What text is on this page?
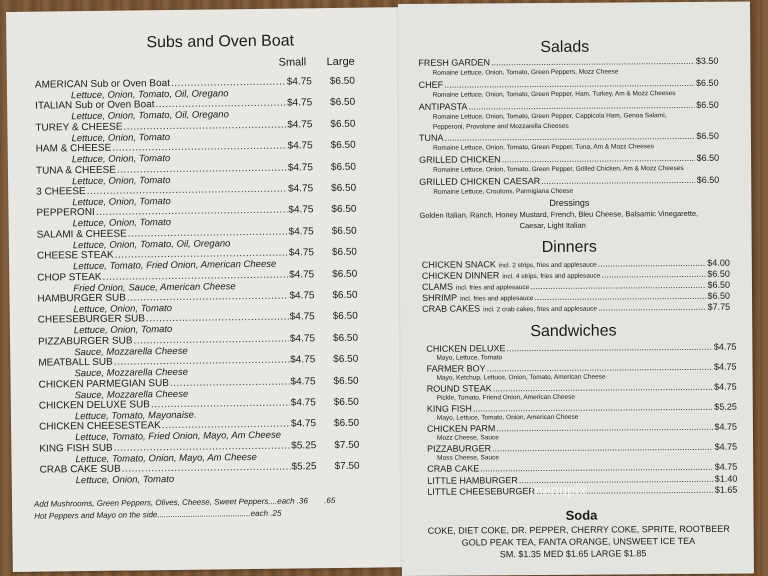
Subs and Oven Boat
Small Large
AMERICAN Sub or Oven Boat .....	$4.75 $6.50
Lettuce, Onion, Tomato, Oil, Oregano
ITALIAN Sub or Oven Boat .....	$4.75 $6.50
Lettuce, Onion, Tomato, Oil, Oregano
TUREY & CHEESE .....	$4.75 $6.50
Lettuce, Onion, Tomato
HAM & CHEESE .....	$4.75 $6.50
Lettuce, Onion, Tomato
TUNA & CHEESE .....	$4.75 $6.50
Lettuce, Onion, Tomato
3 CHEESE .....	$4.75 $6.50
Lettuce, Onion, Tomato
PEPPERONI .....	$4.75 $6.50
Lettuce, Onion, Tomato
SALAMI & CHEESE .....	$4.75 $6.50
Lettuce, Onion, Tomato, Oil, Oregano
CHEESE STEAK .....	$4.75 $6.50
Lettuce, Tomato, Fried Onion, American Cheese
CHOP STEAK .....	$4.75 $6.50
Fried Onion, Sauce, American Cheese
HAMBURGER SUB .....	$4.75 $6.50
Lettuce, Onion, Tomato
CHEESEBURGER SUB .....	$4.75 $6.50
Lettuce, Onion, Tomato
PIZZABURGER SUB .....	$4.75 $6.50
Sauce, Mozzarella Cheese
MEATBALL SUB .....	$4.75 $6.50
Sauce, Mozzarella Cheese
CHICKEN PARMEGIAN SUB .....	$4.75 $6.50
Sauce, Mozzarella Cheese
CHICKEN DELUXE SUB .....	$4.75 $6.50
Lettuce, Tomato, Mayonaise.
CHICKEN CHEESESTEAK .....	$4.75 $6.50
Lettuce, Tomato, Fried Onion, Mayo, Am Cheese
KING FISH SUB .....	$5.25 $7.50
Lettuce, Tomato, Onion, Mayo, Am Cheese
CRAB CAKE SUB .....	$5.25 $7.50
Lettuce, Onion, Tomato
Add Mushrooms, Green Peppers, Olives, Cheese, Sweet Peppers....each .36 .65
Hot Peppers and Mayo on the side..........................................each .25
Salads
FRESH GARDEN .....	$3.50
Romaine Lettuce, Onion, Tomato, Green Peppers, Mozz Cheese
CHEF .....	$6.50
Romaine Lettuce, Onion, Tomato, Green Pepper, Ham, Turkey, Am & Mozz Cheeses
ANTIPASTA .....	$6.50
Romaine Lettuce, Onion, Tomato, Green Pepper, Cappicola Ham, Genoa Salami,
Pepperoni, Provolone and Mozzarella Cheeses
TUNA .....	$6.50
Romaine Lettuce, Onion, Tomato, Green Pepper, Tuna, Am & Mozz Cheeses
GRILLED CHICKEN .....	$6.50
Romaine Lettuce, Onion, Tomato, Green Pepper, Grilled Chicken, Am & Mozz Cheeses
GRILLED CHICKEN CAESAR .....	$6.50
Romaine Lettuce, Croutons, Parmigiana Cheese
Dressings
Golden Italian, Ranch, Honey Mustard, French, Bleu Cheese, Balsamic Vinegarette,
Caesar, Light Italian
Dinners
CHICKEN SNACK incl. 2 strips, fries and applesauce .....	$4.00
CHICKEN DINNER incl. 4 strips, fries and applesauce .....	$6.50
CLAMS incl. fries and applesauce .....	$6.50
SHRIMP incl. fries and applesauce .....	$6.50
CRAB CAKES incl. 2 crab cakes, fries and applesauce .....	$7.75
Sandwiches
CHICKEN DELUXE .....	$4.75
Mayo, Lettuce, Tomato
FARMER BOY .....	$4.75
Mayo, Ketchup, Lettuce, Onion, Tomato, American Cheese
ROUND STEAK .....	$4.75
Pickle, Tomato, Friend Onion, American Cheese
KING FISH .....	$5.25
Mayo, Lettuce, Tomato, Onion, American Cheese
CHICKEN PARM .....	$4.75
Mozz Cheese, Sauce
PIZZABURGER .....	$4.75
Moss Cheese, Sauce
CRAB CAKE .....	$4.75
LITTLE HAMBURGER .....	$1.40
LITTLE CHEESEBURGER .....	$1.65
Soda
COKE, DIET COKE, DR. PEPPER, CHERRY COKE, SPRITE, ROOTBEER
GOLD PEAK TEA, FANTA ORANGE, UNSWEET ICE TEA
SM. $1.35 MED $1.65 LARGE $1.85
menupix
